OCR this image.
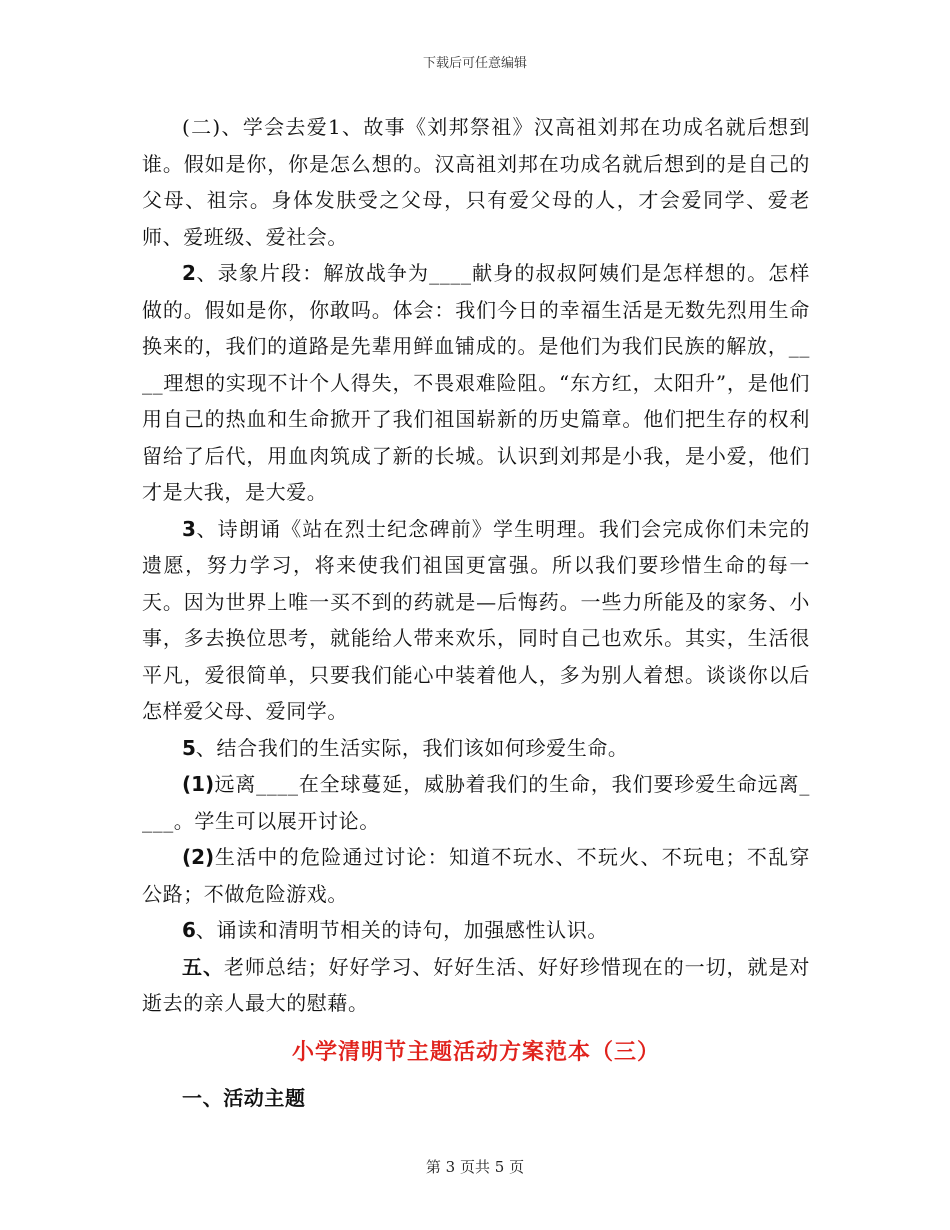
下载后可任意编辑

(二)、学会去爱1、故事《刘邦祭祖》汉高祖刘邦在功成名就后想到谁。假如是你，你是怎么想的。汉高祖刘邦在功成名就后想到的是自己的父母、祖宗。身体发肤受之父母，只有爱父母的人，才会爱同学、爱老师、爱班级、爱社会。

2、录象片段：解放战争为____献身的叔叔阿姨们是怎样想的。怎样做的。假如是你，你敢吗。体会：我们今日的幸福生活是无数先烈用生命换来的，我们的道路是先辈用鲜血铺成的。是他们为我们民族的解放，____理想的实现不计个人得失，不畏艰难险阻。“东方红，太阳升”，是他们用自己的热血和生命掀开了我们祖国崭新的历史篇章。他们把生存的权利留给了后代，用血肉筑成了新的长城。认识到刘邦是小我，是小爱，他们才是大我，是大爱。

3、诗朗诵《站在烈士纪念碑前》学生明理。我们会完成你们未完的遗愿，努力学习，将来使我们祖国更富强。所以我们要珍惜生命的每一天。因为世界上唯一买不到的药就是—后悔药。一些力所能及的家务、小事，多去换位思考，就能给人带来欢乐，同时自己也欢乐。其实，生活很平凡，爱很简单，只要我们能心中装着他人，多为别人着想。谈谈你以后怎样爱父母、爱同学。

5、结合我们的生活实际，我们该如何珍爱生命。

(1)远离____在全球蔓延，威胁着我们的生命，我们要珍爱生命远离____。学生可以展开讨论。

(2)生活中的危险通过讨论：知道不玩水、不玩火、不玩电；不乱穿公路；不做危险游戏。

6、诵读和清明节相关的诗句，加强感性认识。

五、老师总结；好好学习、好好生活、好好珍惜现在的一切，就是对逝去的亲人最大的慰藉。

小学清明节主题活动方案范本（三）
一、活动主题
第 3 页共 5 页
